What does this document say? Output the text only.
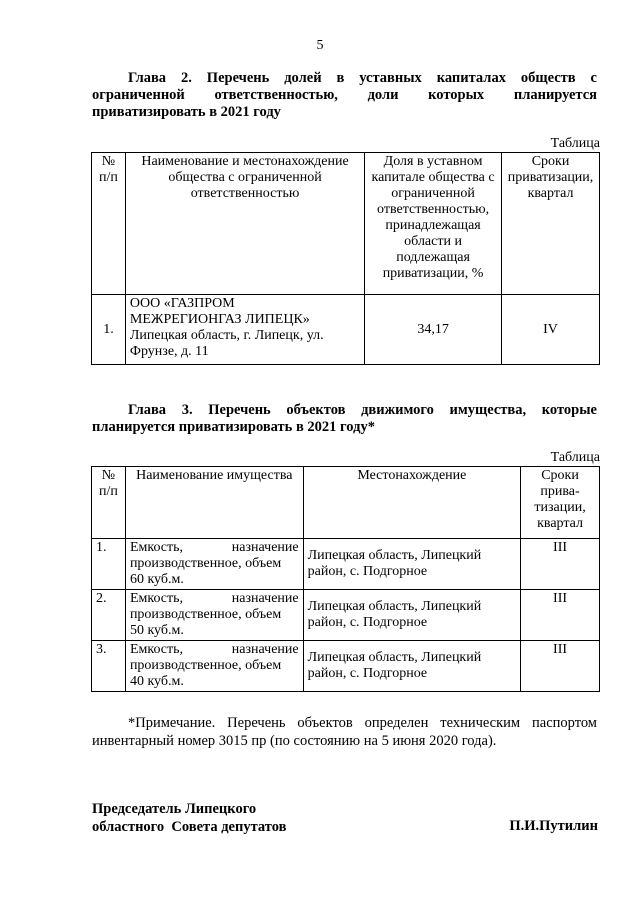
5
Глава 2. Перечень долей в уставных капиталах обществ с
ограниченной ответственностью, доли которых планируется
приватизировать в 2021 году
Таблица
№ п/п	Наименование и местонахождение общества с ограниченной ответственностью	Доля в уставном капитале общества с ограниченной ответственностью, принадлежащая области и подлежащая приватизации, %	Сроки приватизации, квартал
1.	ООО «ГАЗПРОМ
МЕЖРЕГИОНГАЗ ЛИПЕЦК»
Липецкая область, г. Липецк, ул.
Фрунзе, д. 11	34,17	IV
Глава 3. Перечень объектов движимого имущества, которые
планируется приватизировать в 2021 году*
Таблица
№ п/п	Наименование имущества	Местонахождение	Сроки прива-тизации, квартал
1.	Емкость, назначение
производственное, объем
60 куб.м.	Липецкая область, Липецкий
район, с. Подгорное	III
2.	Емкость, назначение
производственное, объем
50 куб.м.	Липецкая область, Липецкий
район, с. Подгорное	III
3.	Емкость, назначение
производственное, объем
40 куб.м.	Липецкая область, Липецкий
район, с. Подгорное	III
*Примечание. Перечень объектов определен техническим паспортом
инвентарный номер 3015 пр (по состоянию на 5 июня 2020 года).
Председатель Липецкого
областного  Совета депутатов	П.И.Путилин
